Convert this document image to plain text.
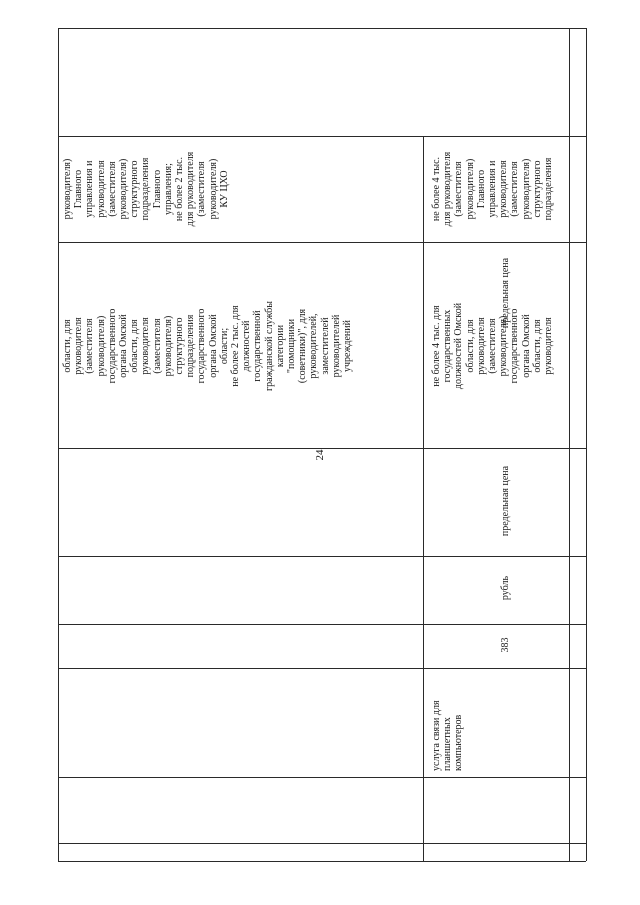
24
области, для
руководителя
(заместителя
руководителя)
государственного
органа Омской
области, для
руководителя
(заместителя
руководителя)
структурного
подразделения
государственного
органа Омской
области;
не более 2 тыс. для
должностей
государственной
гражданской службы
категории
"помощники
(советники)", для
руководителей,
заместителей
руководителей
учреждений
руководителя)
Главного
управления и
руководителя
(заместителя
руководителя)
структурного
подразделения
Главного
управления;
не более 2 тыс.
для руководителя
(заместителя
руководителя)
КУ ЦХО
услуга связи для
планшетных
компьютеров
383
рубль
предельная цена
не более 4 тыс. для
государственных
должностей Омской
области, для
руководителя
(заместителя
руководителя)
государственного
органа Омской
области, для
руководителя
предельная цена
не более 4 тыс.
для руководителя
(заместителя
руководителя)
Главного
управления и
руководителя
(заместителя
руководителя)
структурного
подразделения
